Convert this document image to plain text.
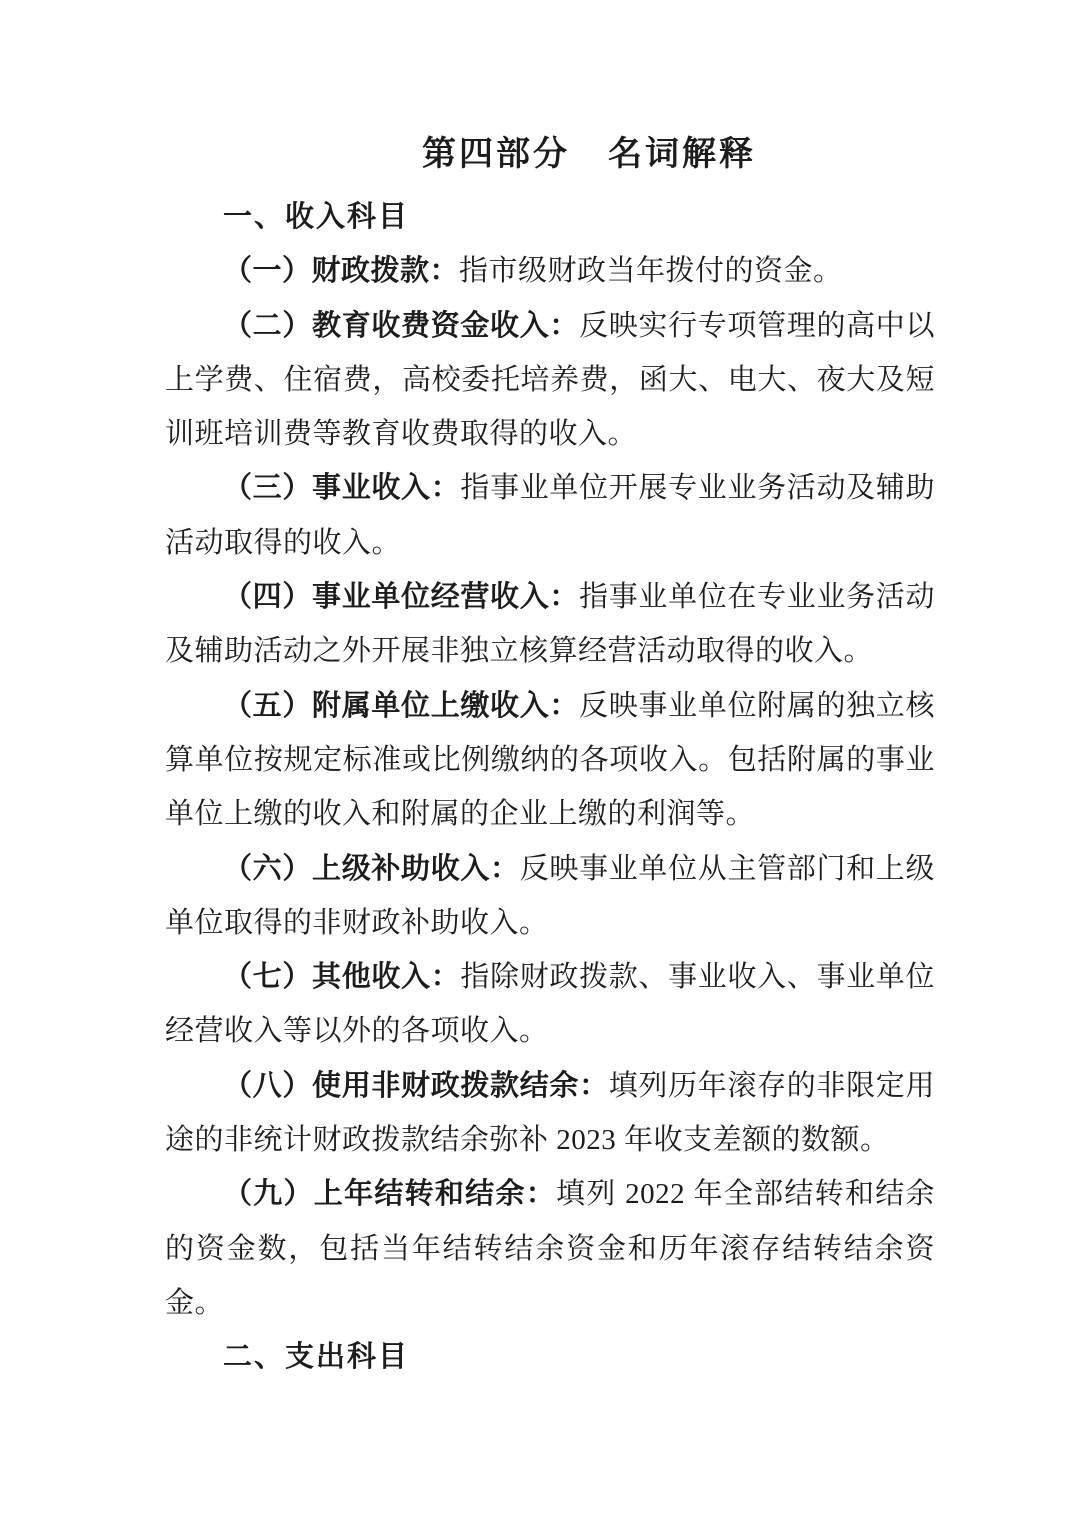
第四部分 名词解释

一、收入科目

（一）财政拨款：指市级财政当年拨付的资金。

（二）教育收费资金收入：反映实行专项管理的高中以上学费、住宿费，高校委托培养费，函大、电大、夜大及短训班培训费等教育收费取得的收入。

（三）事业收入：指事业单位开展专业业务活动及辅助活动取得的收入。

（四）事业单位经营收入：指事业单位在专业业务活动及辅助活动之外开展非独立核算经营活动取得的收入。

（五）附属单位上缴收入：反映事业单位附属的独立核算单位按规定标准或比例缴纳的各项收入。包括附属的事业单位上缴的收入和附属的企业上缴的利润等。

（六）上级补助收入：反映事业单位从主管部门和上级单位取得的非财政补助收入。

（七）其他收入：指除财政拨款、事业收入、事业单位经营收入等以外的各项收入。

（八）使用非财政拨款结余：填列历年滚存的非限定用途的非统计财政拨款结余弥补 2023 年收支差额的数额。

（九）上年结转和结余：填列 2022 年全部结转和结余的资金数，包括当年结转结余资金和历年滚存结转结余资金。

二、支出科目
